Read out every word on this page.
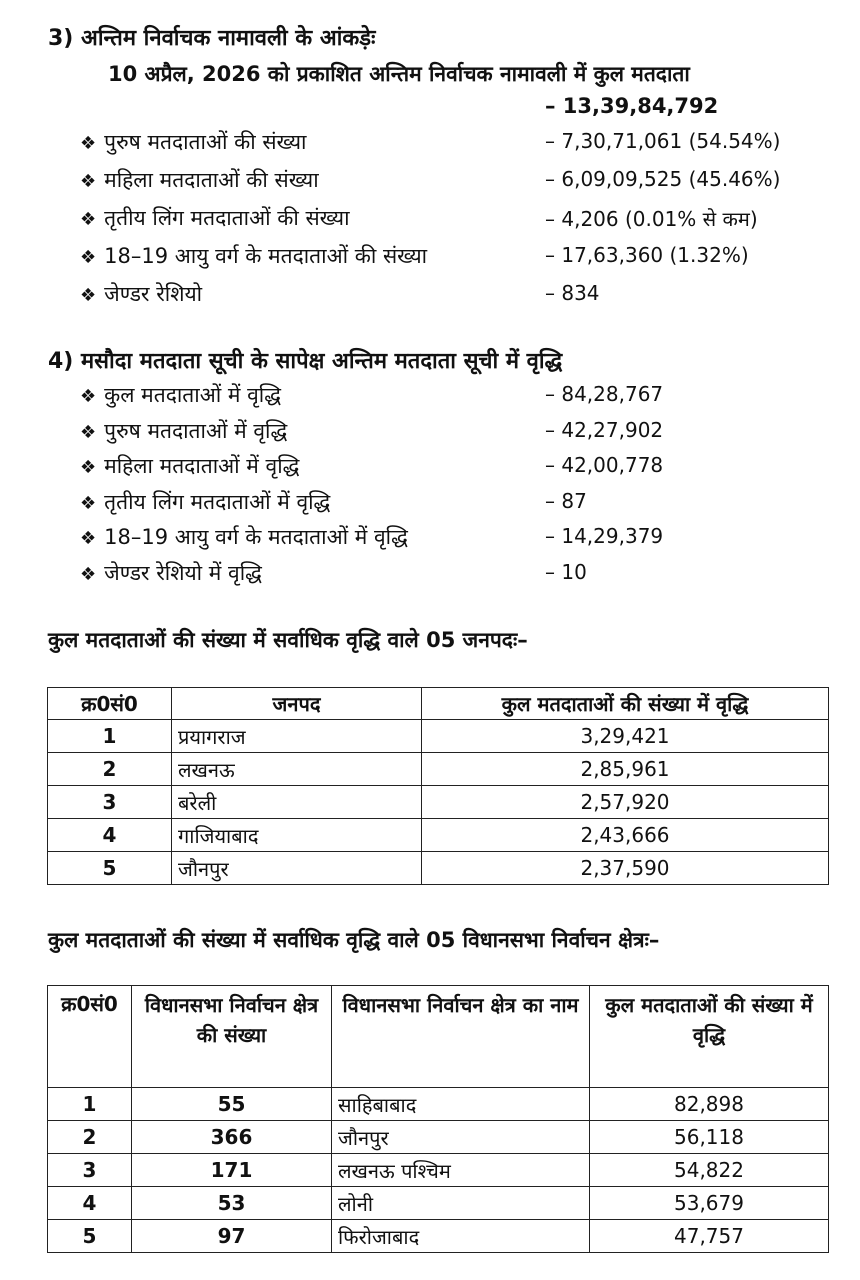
3) अन्तिम निर्वाचक नामावली के आंकड़ेः
10 अप्रैल, 2026 को प्रकाशित अन्तिम निर्वाचक नामावली में कुल मतदाता
– 13,39,84,792
❖ पुरुष मतदाताओं की संख्या	– 7,30,71,061 (54.54%)
❖ महिला मतदाताओं की संख्या	– 6,09,09,525 (45.46%)
❖ तृतीय लिंग मतदाताओं की संख्या	– 4,206 (0.01% से कम)
❖ 18–19 आयु वर्ग के मतदाताओं की संख्या	– 17,63,360 (1.32%)
❖ जेण्डर रेशियो	– 834
4) मसौदा मतदाता सूची के सापेक्ष अन्तिम मतदाता सूची में वृद्धि
❖ कुल मतदाताओं में वृद्धि	– 84,28,767
❖ पुरुष मतदाताओं में वृद्धि	– 42,27,902
❖ महिला मतदाताओं में वृद्धि	– 42,00,778
❖ तृतीय लिंग मतदाताओं में वृद्धि	– 87
❖ 18–19 आयु वर्ग के मतदाताओं में वृद्धि	– 14,29,379
❖ जेण्डर रेशियो में वृद्धि	– 10
कुल मतदाताओं की संख्या में सर्वाधिक वृद्धि वाले 05 जनपदः–
क्र0सं0	जनपद	कुल मतदाताओं की संख्या में वृद्धि
1	प्रयागराज	3,29,421
2	लखनऊ	2,85,961
3	बरेली	2,57,920
4	गाजियाबाद	2,43,666
5	जौनपुर	2,37,590
कुल मतदाताओं की संख्या में सर्वाधिक वृद्धि वाले 05 विधानसभा निर्वाचन क्षेत्रः–
क्र0सं0	विधानसभा निर्वाचन क्षेत्र की संख्या	विधानसभा निर्वाचन क्षेत्र का नाम	कुल मतदाताओं की संख्या में वृद्धि
1	55	साहिबाबाद	82,898
2	366	जौनपुर	56,118
3	171	लखनऊ पश्चिम	54,822
4	53	लोनी	53,679
5	97	फिरोजाबाद	47,757
